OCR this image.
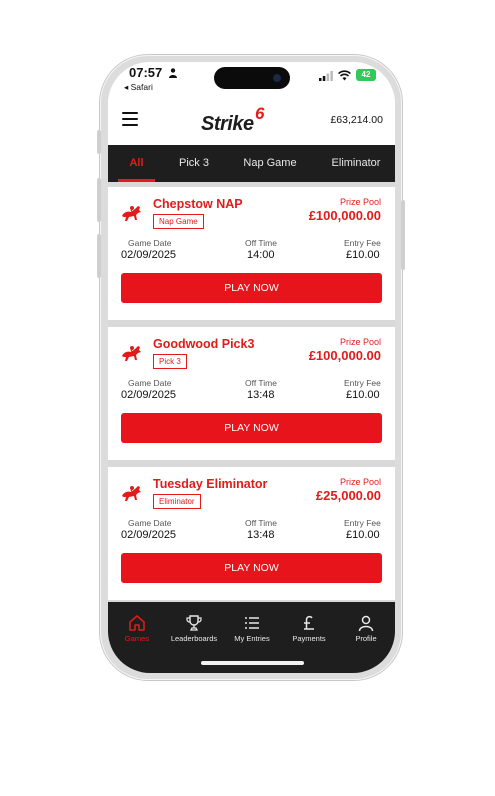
07:57
◂ Safari
42
Strike 6	£63,214.00
All	Pick 3	Nap Game	Eliminator
Chepstow NAP
Nap Game
Prize Pool
£100,000.00
Game Date
02/09/2025
Off Time
14:00
Entry Fee
£10.00
PLAY NOW
Goodwood Pick3
Pick 3
Prize Pool
£100,000.00
Game Date
02/09/2025
Off Time
13:48
Entry Fee
£10.00
PLAY NOW
Tuesday Eliminator
Eliminator
Prize Pool
£25,000.00
Game Date
02/09/2025
Off Time
13:48
Entry Fee
£10.00
PLAY NOW
Games	Leaderboards	My Entries	Payments	Profile
